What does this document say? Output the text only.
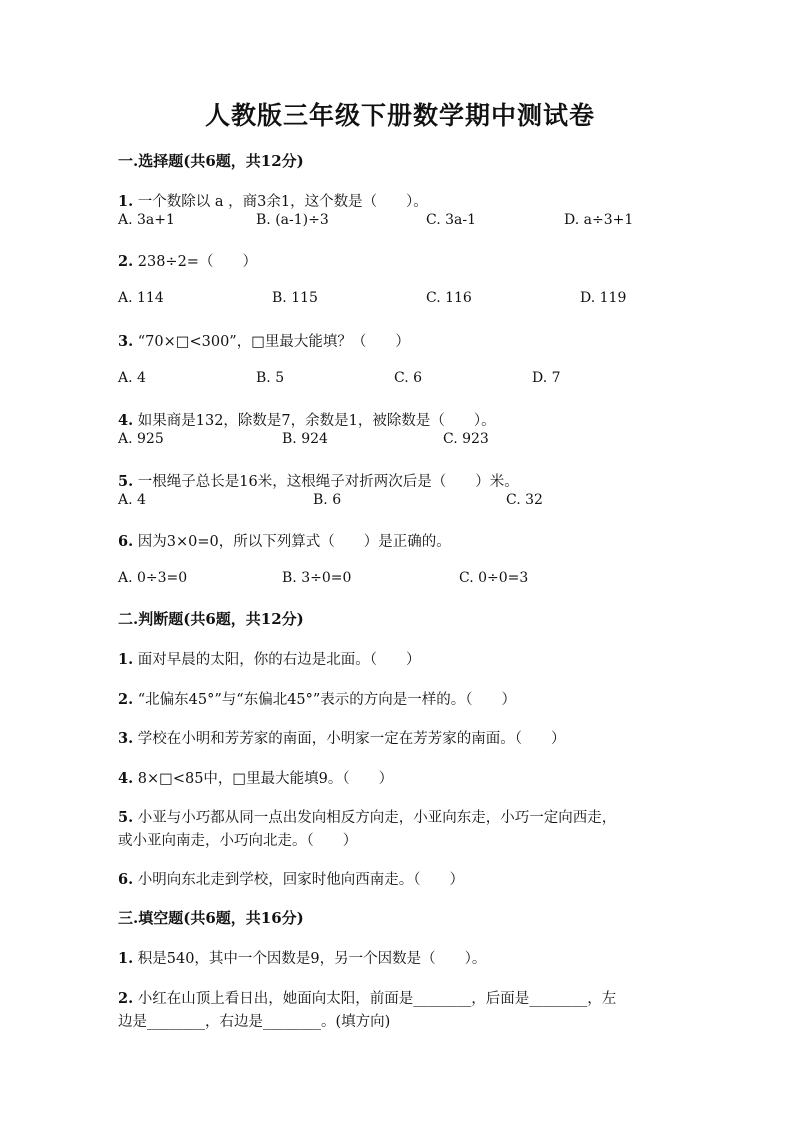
人教版三年级下册数学期中测试卷
一.选择题(共6题，共12分)
1. 一个数除以 a ，商3余1，这个数是（　　）。
A. 3a+1	B. (a-1)÷3	C. 3a-1	D. a÷3+1
2. 238÷2=（　　）
A. 114	B. 115	C. 116	D. 119
3. “70×□<300”，□里最大能填？（　　）
A. 4	B. 5	C. 6	D. 7
4. 如果商是132，除数是7，余数是1，被除数是（　　）。
A. 925	B. 924	C. 923
5. 一根绳子总长是16米，这根绳子对折两次后是（　　）米。
A. 4	B. 6	C. 32
6. 因为3×0=0，所以下列算式（　　）是正确的。
A. 0÷3=0	B. 3÷0=0	C. 0÷0=3
二.判断题(共6题，共12分)
1. 面对早晨的太阳，你的右边是北面。（　　）
2. “北偏东45°”与“东偏北45°”表示的方向是一样的。（　　）
3. 学校在小明和芳芳家的南面，小明家一定在芳芳家的南面。（　　）
4. 8×□<85中，□里最大能填9。（　　）
5. 小亚与小巧都从同一点出发向相反方向走，小亚向东走，小巧一定向西走，
或小亚向南走，小巧向北走。（　　）
6. 小明向东北走到学校，回家时他向西南走。（　　）
三.填空题(共6题，共16分)
1. 积是540，其中一个因数是9，另一个因数是（　　）。
2. 小红在山顶上看日出，她面向太阳，前面是________，后面是________，左
边是________，右边是________。(填方向)
